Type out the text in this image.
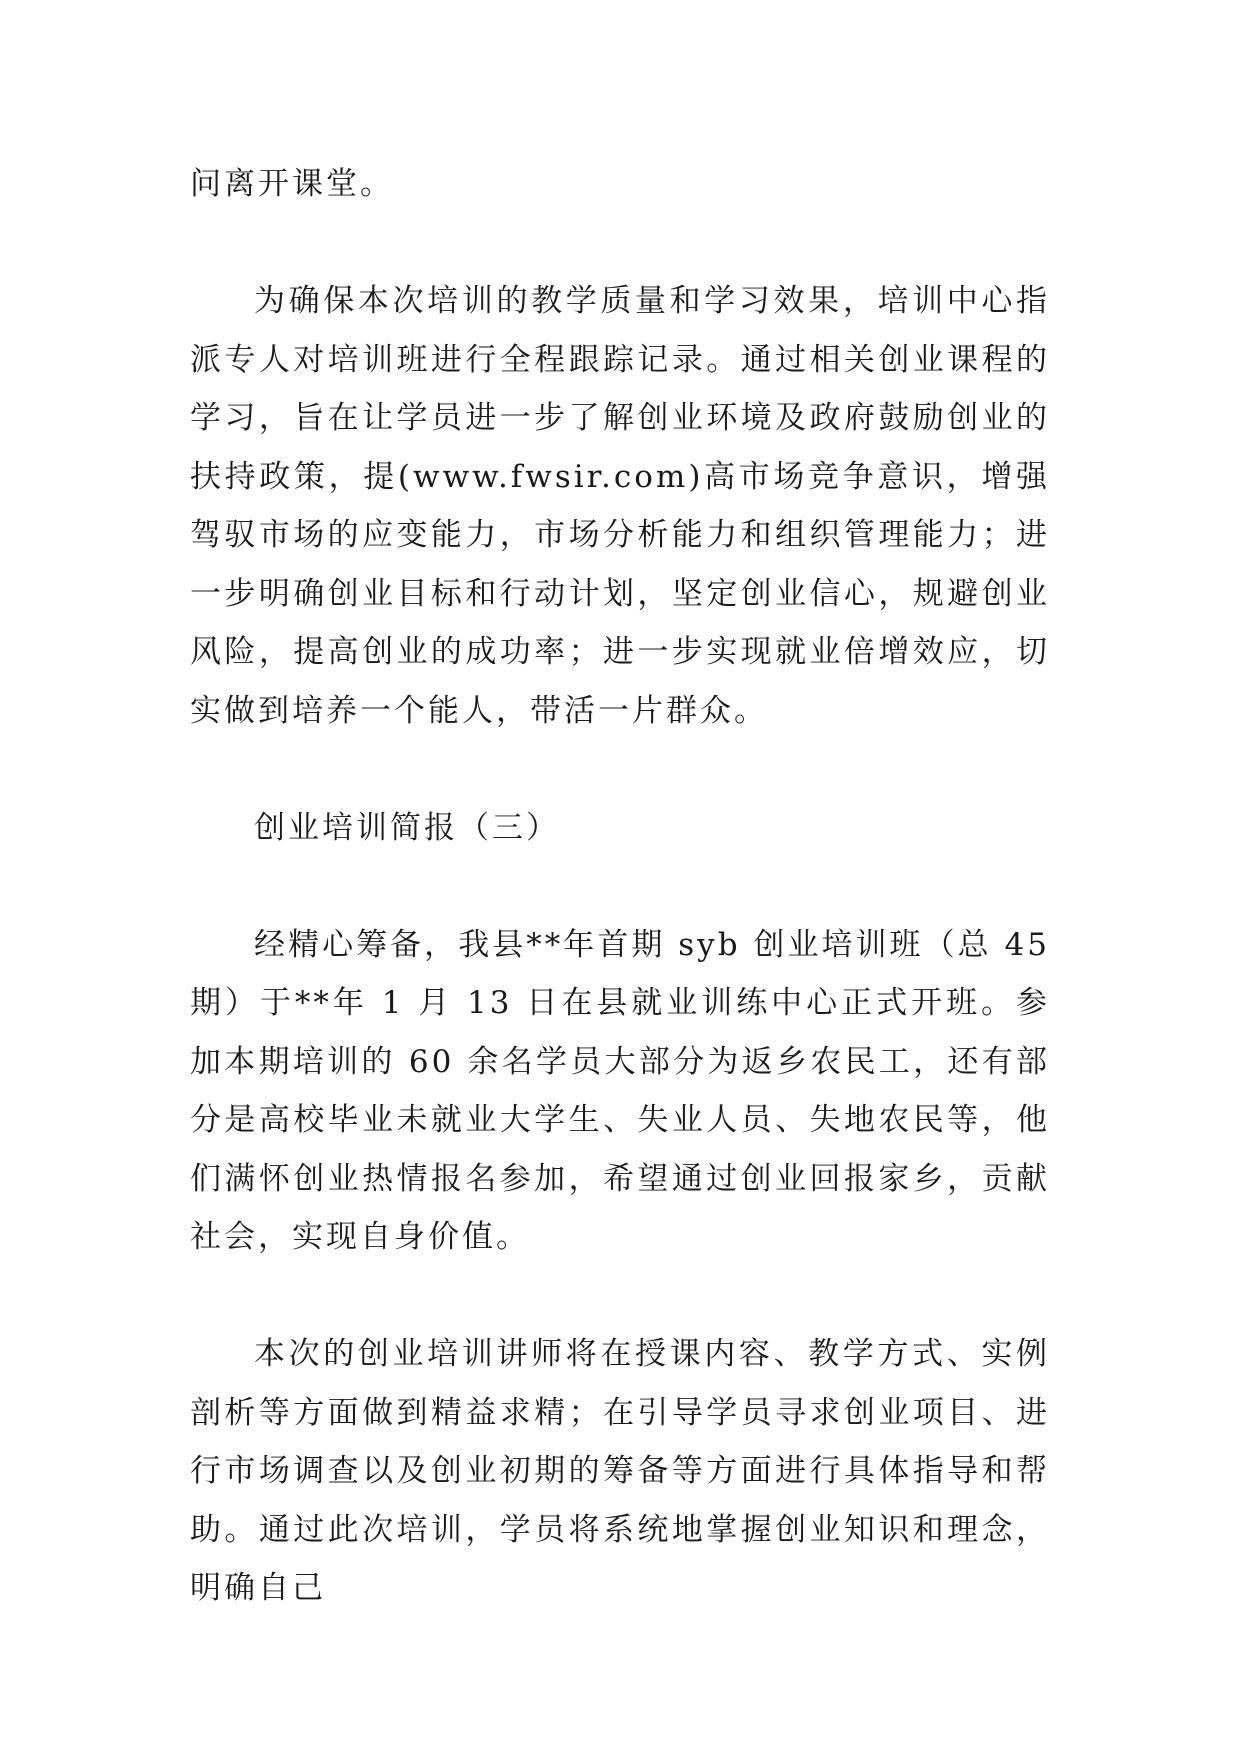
问离开课堂。

为确保本次培训的教学质量和学习效果，培训中心指派专人对培训班进行全程跟踪记录。通过相关创业课程的学习，旨在让学员进一步了解创业环境及政府鼓励创业的扶持政策，提(www.fwsir.com)高市场竞争意识，增强驾驭市场的应变能力，市场分析能力和组织管理能力；进一步明确创业目标和行动计划，坚定创业信心，规避创业风险，提高创业的成功率；进一步实现就业倍增效应，切实做到培养一个能人，带活一片群众。

创业培训简报（三）

经精心筹备，我县**年首期 syb 创业培训班（总 45 期）于**年 1 月 13 日在县就业训练中心正式开班。参加本期培训的 60 余名学员大部分为返乡农民工，还有部分是高校毕业未就业大学生、失业人员、失地农民等，他们满怀创业热情报名参加，希望通过创业回报家乡，贡献社会，实现自身价值。

本次的创业培训讲师将在授课内容、教学方式、实例剖析等方面做到精益求精；在引导学员寻求创业项目、进行市场调查以及创业初期的筹备等方面进行具体指导和帮助。通过此次培训，学员将系统地掌握创业知识和理念，明确自己
